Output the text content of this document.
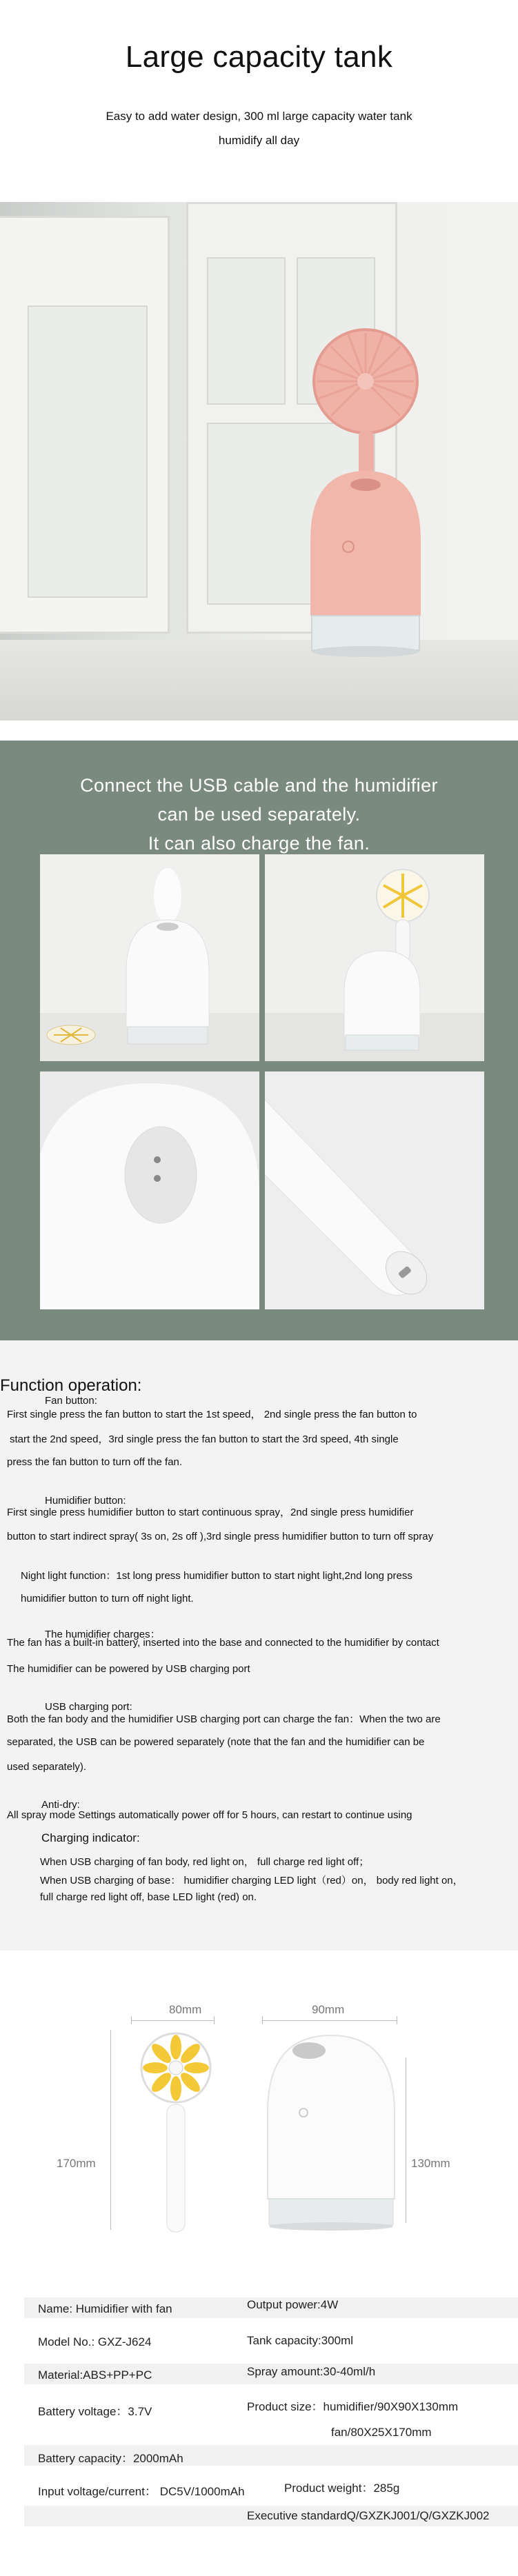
Large capacity tank
Easy to add water design, 300 ml large capacity water tank
humidify all day
Connect the USB cable and the humidifier
can be used separately.
It can also charge the fan.
Function operation:
Fan button:
First single press the fan button to start the 1st speed， 2nd single press the fan button to
start the 2nd speed，3rd single press the fan button to start the 3rd speed, 4th single
press the fan button to turn off the fan.
Humidifier button:
First single press humidifier button to start continuous spray，2nd single press humidifier
button to start indirect spray( 3s on, 2s off ),3rd single press humidifier button to turn off spray
Night light function：1st long press humidifier button to start night light,2nd long press
humidifier button to turn off night light.
The humidifier charges：
The fan has a built-in battery, inserted into the base and connected to the humidifier by contact
The humidifier can be powered by USB charging port
USB charging port:
Both the fan body and the humidifier USB charging port can charge the fan：When the two are
separated, the USB can be powered separately (note that the fan and the humidifier can be
used separately).
Anti-dry:
All spray mode Settings automatically power off for 5 hours, can restart to continue using
Charging indicator:
When USB charging of fan body, red light on， full charge red light off；
When USB charging of base： humidifier charging LED light（red）on， body red light on，
full charge red light off, base LED light (red) on.
80mm
170mm
90mm
130mm
Name: Humidifier with fan	Output power:4W
Model No.: GXZ-J624	Tank capacity:300ml
Material:ABS+PP+PC	Spray amount:30-40ml/h
Battery voltage：3.7V	Product size：humidifier/90X90X130mm
fan/80X25X170mm
Battery capacity：2000mAh
Input voltage/current： DC5V/1000mAh	Product weight：285g
Executive standardQ/GXZKJ001/Q/GXZKJ002
